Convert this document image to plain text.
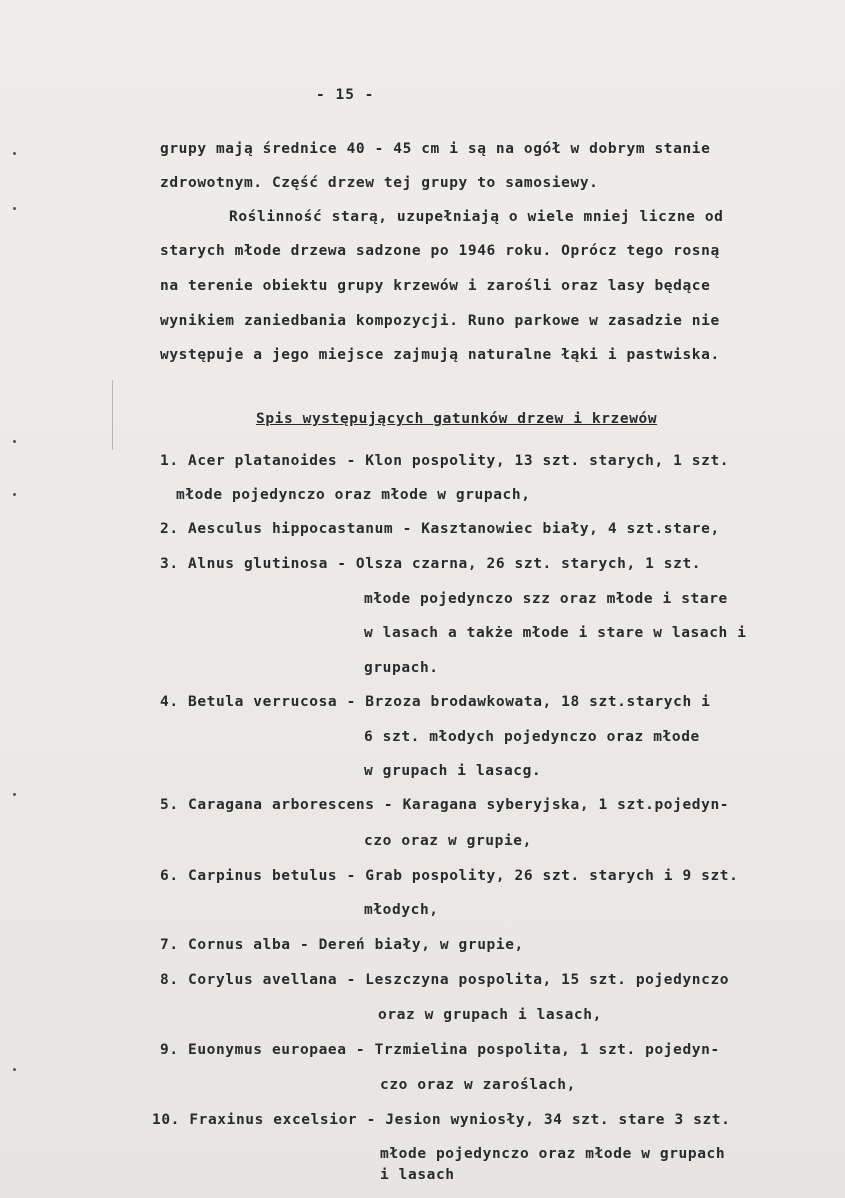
- 15 -
grupy mają średnice 40 - 45 cm i są na ogół w dobrym stanie
zdrowotnym. Część drzew tej grupy to samosiewy.
Roślinność starą, uzupełniają o wiele mniej liczne od
starych młode drzewa sadzone po 1946 roku. Oprócz tego rosną
na terenie obiektu grupy krzewów i zarośli oraz lasy będące
wynikiem zaniedbania kompozycji. Runo parkowe w zasadzie nie
występuje a jego miejsce zajmują naturalne łąki i pastwiska.
Spis występujących gatunków drzew i krzewów
1. Acer platanoides - Klon pospolity, 13 szt. starych, 1 szt.
młode pojedynczo oraz młode w grupach,
2. Aesculus hippocastanum - Kasztanowiec biały, 4 szt.stare,
3. Alnus glutinosa - Olsza czarna, 26 szt. starych, 1 szt.
młode pojedynczo szz oraz młode i stare
w lasach a także młode i stare w lasach i
grupach.
4. Betula verrucosa - Brzoza brodawkowata, 18 szt.starych i
6 szt. młodych pojedynczo oraz młode
w grupach i lasacg.
5. Caragana arborescens - Karagana syberyjska, 1 szt.pojedyn-
czo oraz w grupie,
6. Carpinus betulus - Grab pospolity, 26 szt. starych i 9 szt.
młodych,
7. Cornus alba - Dereń biały, w grupie,
8. Corylus avellana - Leszczyna pospolita, 15 szt. pojedynczo
oraz w grupach i lasach,
9. Euonymus europaea - Trzmielina pospolita, 1 szt. pojedyn-
czo oraz w zaroślach,
10. Fraxinus excelsior - Jesion wyniosły, 34 szt. stare 3 szt.
młode pojedynczo oraz młode w grupach
i lasach
